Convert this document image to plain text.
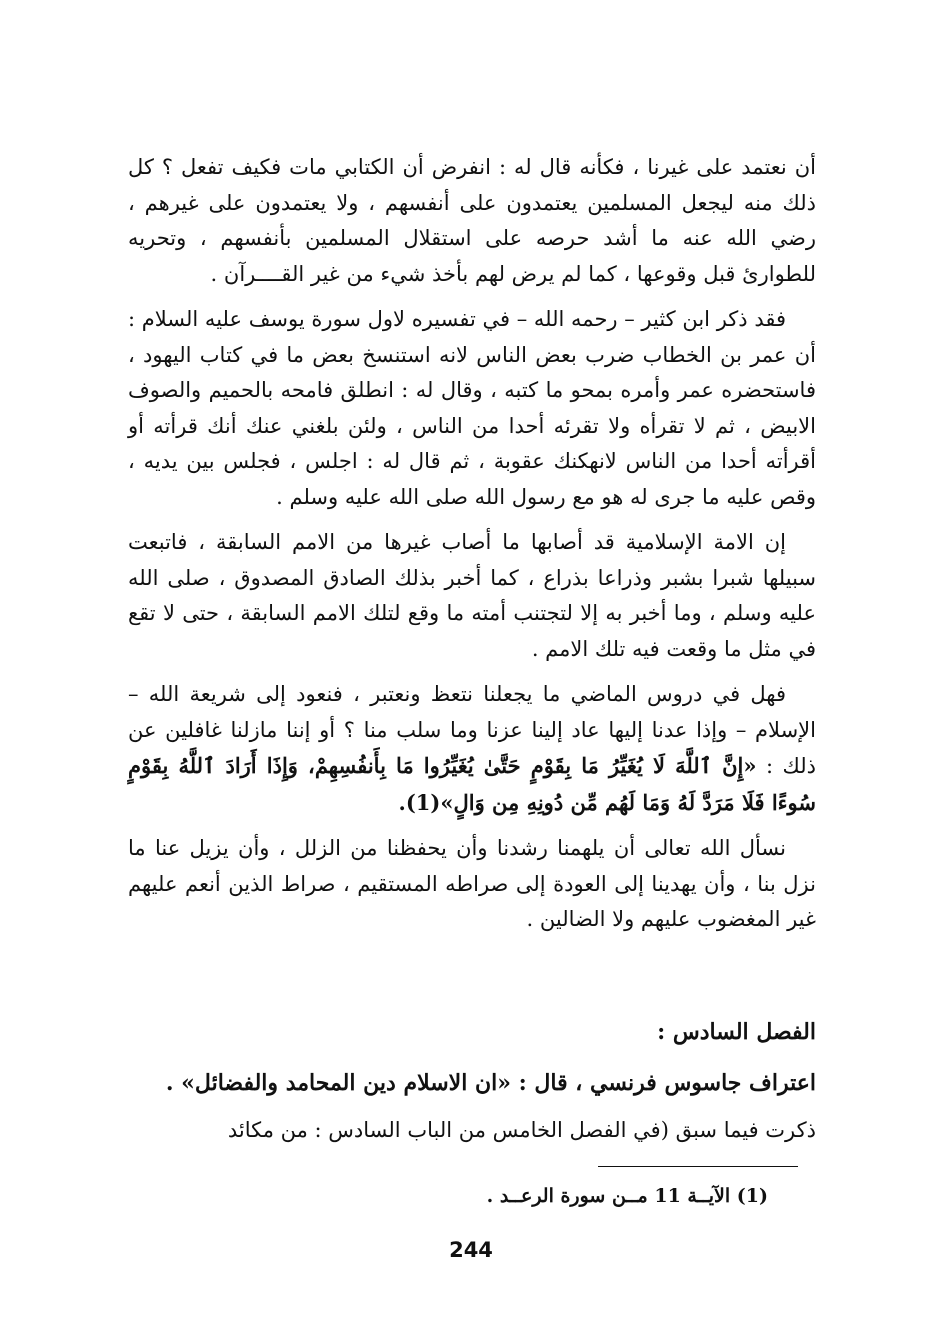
أن نعتمد على غيرنا ، فكأنه قال له : انفرض أن الكتابي مات فكيف تفعل ؟ كل ذلك منه ليجعل المسلمين يعتمدون على أنفسهم ، ولا يعتمدون على غيرهم ، رضي الله عنه ما أشد حرصه على استقلال المسلمين بأنفسهم ، وتحريه للطوارئ قبل وقوعها ، كما لم يرض لهم بأخذ شيء من غير القــــرآن .

فقد ذكر ابن كثير – رحمه الله – في تفسيره لاول سورة يوسف عليه السلام : أن عمر بن الخطاب ضرب بعض الناس لانه استنسخ بعض ما في كتاب اليهود ، فاستحضره عمر وأمره بمحو ما كتبه ، وقال له : انطلق فامحه بالحميم والصوف الابيض ، ثم لا تقرأه ولا تقرئه أحدا من الناس ، ولئن بلغني عنك أنك قرأته أو أقرأته أحدا من الناس لانهكنك عقوبة ، ثم قال له : اجلس ، فجلس بين يديه ، وقص عليه ما جرى له هو مع رسول الله صلى الله عليه وسلم .

إن الامة الإسلامية قد أصابها ما أصاب غيرها من الامم السابقة ، فاتبعت سبيلها شبرا بشبر وذراعا بذراع ، كما أخبر بذلك الصادق المصدوق ، صلى الله عليه وسلم ، وما أخبر به إلا لتجتنب أمته ما وقع لتلك الامم السابقة ، حتى لا تقع في مثل ما وقعت فيه تلك الامم .

فهل في دروس الماضي ما يجعلنا نتعظ ونعتبر ، فنعود إلى شريعة الله – الإسلام – وإذا عدنا إليها عاد إلينا عزنا وما سلب منا ؟ أو إننا مازلنا غافلين عن ذلك : «إِنَّ ٱللَّهَ لَا يُغَيِّرُ مَا بِقَوْمٍ حَتَّىٰ يُغَيِّرُوا مَا بِأَنفُسِهِمْ، وَإِذَا أَرَادَ ٱللَّهُ بِقَوْمٍ سُوءًا فَلَا مَرَدَّ لَهُ وَمَا لَهُم مِّن دُونِهِ مِن وَالٍ»(1).

نسأل الله تعالى أن يلهمنا رشدنا وأن يحفظنا من الزلل ، وأن يزيل عنا ما نزل بنا ، وأن يهدينا إلى العودة إلى صراطه المستقيم ، صراط الذين أنعم عليهم غير المغضوب عليهم ولا الضالين .

الفصل السادس :
اعتراف جاسوس فرنسي ، قال : «ان الاسلام دين المحامد والفضائل» .
ذكرت فيما سبق (في الفصل الخامس من الباب السادس : من مكائد
(1) الآيــة 11 مــن سورة الرعــد .
244
